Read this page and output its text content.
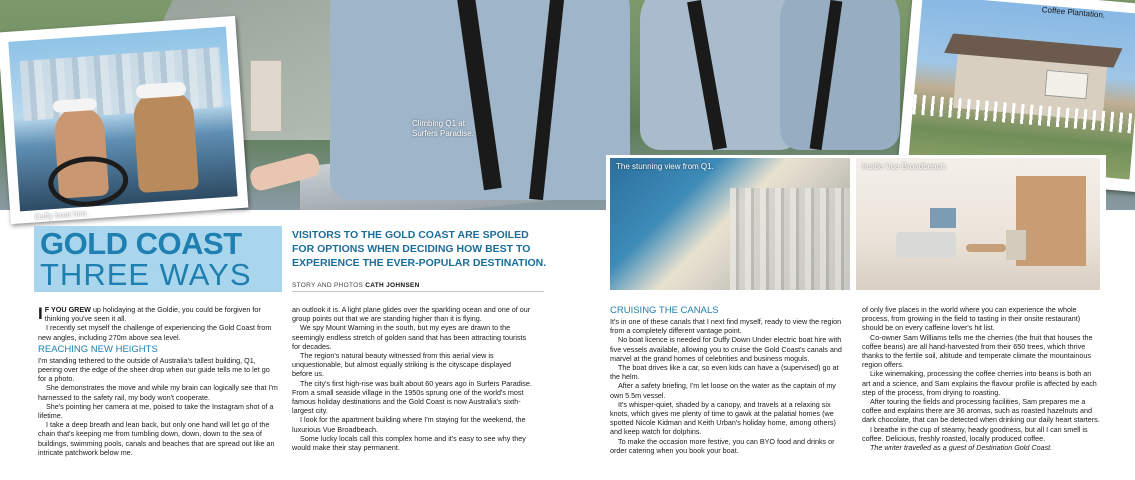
Climbing Q1 at Surfers Paradise.
Duffy boat hire.
Coffee Plantation.
The stunning view from Q1.	Inside Vue Broadbeach.
GOLD COAST
THREE WAYS
VISITORS TO THE GOLD COAST ARE SPOILED FOR OPTIONS WHEN DECIDING HOW BEST TO EXPERIENCE THE EVER-POPULAR DESTINATION.
STORY AND PHOTOS CATH JOHNSEN

I F YOU GREW up holidaying at the Goldie, you could be forgiven for thinking you've seen it all.

I recently set myself the challenge of experiencing the Gold Coast from new angles, including 270m above sea level.

REACHING NEW HEIGHTS

I'm standing tethered to the outside of Australia's tallest building, Q1, peering over the edge of the sheer drop when our guide tells me to let go for a photo.

She demonstrates the move and while my brain can logically see that I'm harnessed to the safety rail, my body won't cooperate.

She's pointing her camera at me, poised to take the Instagram shot of a lifetime.

I take a deep breath and lean back, but only one hand will let go of the chain that's keeping me from tumbling down, down, down to the sea of buildings, swimming pools, canals and beaches that are spread out like an intricate patchwork below me.

an outlook it is. A light plane glides over the sparkling ocean and one of our group points out that we are standing higher than it is flying.

We spy Mount Warning in the south, but my eyes are drawn to the seemingly endless stretch of golden sand that has been attracting tourists for decades.

The region's natural beauty witnessed from this aerial view is unquestionable, but almost equally striking is the cityscape displayed before us.

The city's first high-rise was built about 60 years ago in Surfers Paradise. From a small seaside village in the 1950s sprung one of the world's most famous holiday destinations and the Gold Coast is now Australia's sixth-largest city.

I look for the apartment building where I'm staying for the weekend, the luxurious Vue Broadbeach.

Some lucky locals call this complex home and it's easy to see why they would make their stay permanent.

CRUISING THE CANALS

It's in one of these canals that I next find myself, ready to view the region from a completely different vantage point.

No boat licence is needed for Duffy Down Under electric boat hire with five vessels available, allowing you to cruise the Gold Coast's canals and marvel at the grand homes of celebrities and business moguls.

The boat drives like a car, so even kids can have a (supervised) go at the helm.

After a safety briefing, I'm let loose on the water as the captain of my own 5.5m vessel.

It's whisper-quiet, shaded by a canopy, and travels at a relaxing six knots, which gives me plenty of time to gawk at the palatial homes (we spotted Nicole Kidman and Keith Urban's holiday home, among others) and keep watch for dolphins.

To make the occasion more festive, you can BYO food and drinks or order catering when you book your boat.

of only five places in the world where you can experience the whole process, from growing in the field to tasting in their onsite restaurant) should be on every caffeine lover's hit list.

Co-owner Sam Williams tells me the cherries (the fruit that houses the coffee beans) are all hand-harvested from their 650 trees, which thrive thanks to the fertile soil, altitude and temperate climate the mountainous region offers.

Like winemaking, processing the coffee cherries into beans is both an art and a science, and Sam explains the flavour profile is affected by each step of the process, from drying to roasting.

After touring the fields and processing facilities, Sam prepares me a coffee and explains there are 36 aromas, such as roasted hazelnuts and dark chocolate, that can be detected when drinking our daily heart starters.

I breathe in the cup of steamy, heady goodness, but all I can smell is coffee. Delicious, freshly roasted, locally produced coffee.

The writer travelled as a guest of Destination Gold Coast.
